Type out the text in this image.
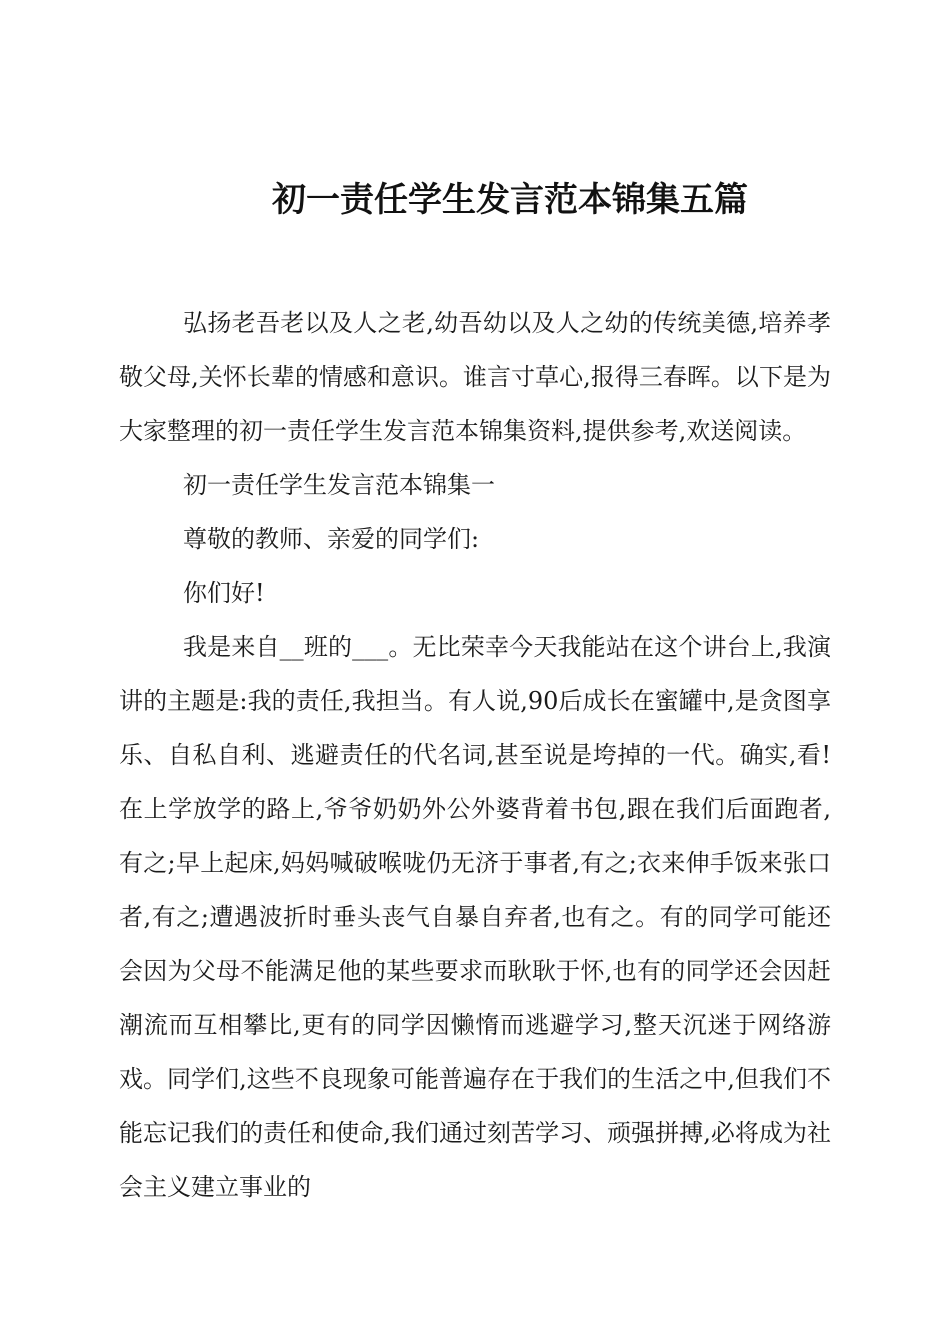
初一责任学生发言范本锦集五篇

弘扬老吾老以及人之老,幼吾幼以及人之幼的传统美德,培养孝敬父母,关怀长辈的情感和意识。谁言寸草心,报得三春晖。以下是为大家整理的初一责任学生发言范本锦集资料,提供参考,欢送阅读。

初一责任学生发言范本锦集一

尊敬的教师、亲爱的同学们:

你们好!

我是来自__班的___。无比荣幸今天我能站在这个讲台上,我演讲的主题是:我的责任,我担当。有人说,90后成长在蜜罐中,是贪图享乐、自私自利、逃避责任的代名词,甚至说是垮掉的一代。确实,看!在上学放学的路上,爷爷奶奶外公外婆背着书包,跟在我们后面跑者,有之;早上起床,妈妈喊破喉咙仍无济于事者,有之;衣来伸手饭来张口者,有之;遭遇波折时垂头丧气自暴自弃者,也有之。有的同学可能还会因为父母不能满足他的某些要求而耿耿于怀,也有的同学还会因赶潮流而互相攀比,更有的同学因懒惰而逃避学习,整天沉迷于网络游戏。同学们,这些不良现象可能普遍存在于我们的生活之中,但我们不能忘记我们的责任和使命,我们通过刻苦学习、顽强拼搏,必将成为社会主义建立事业的
